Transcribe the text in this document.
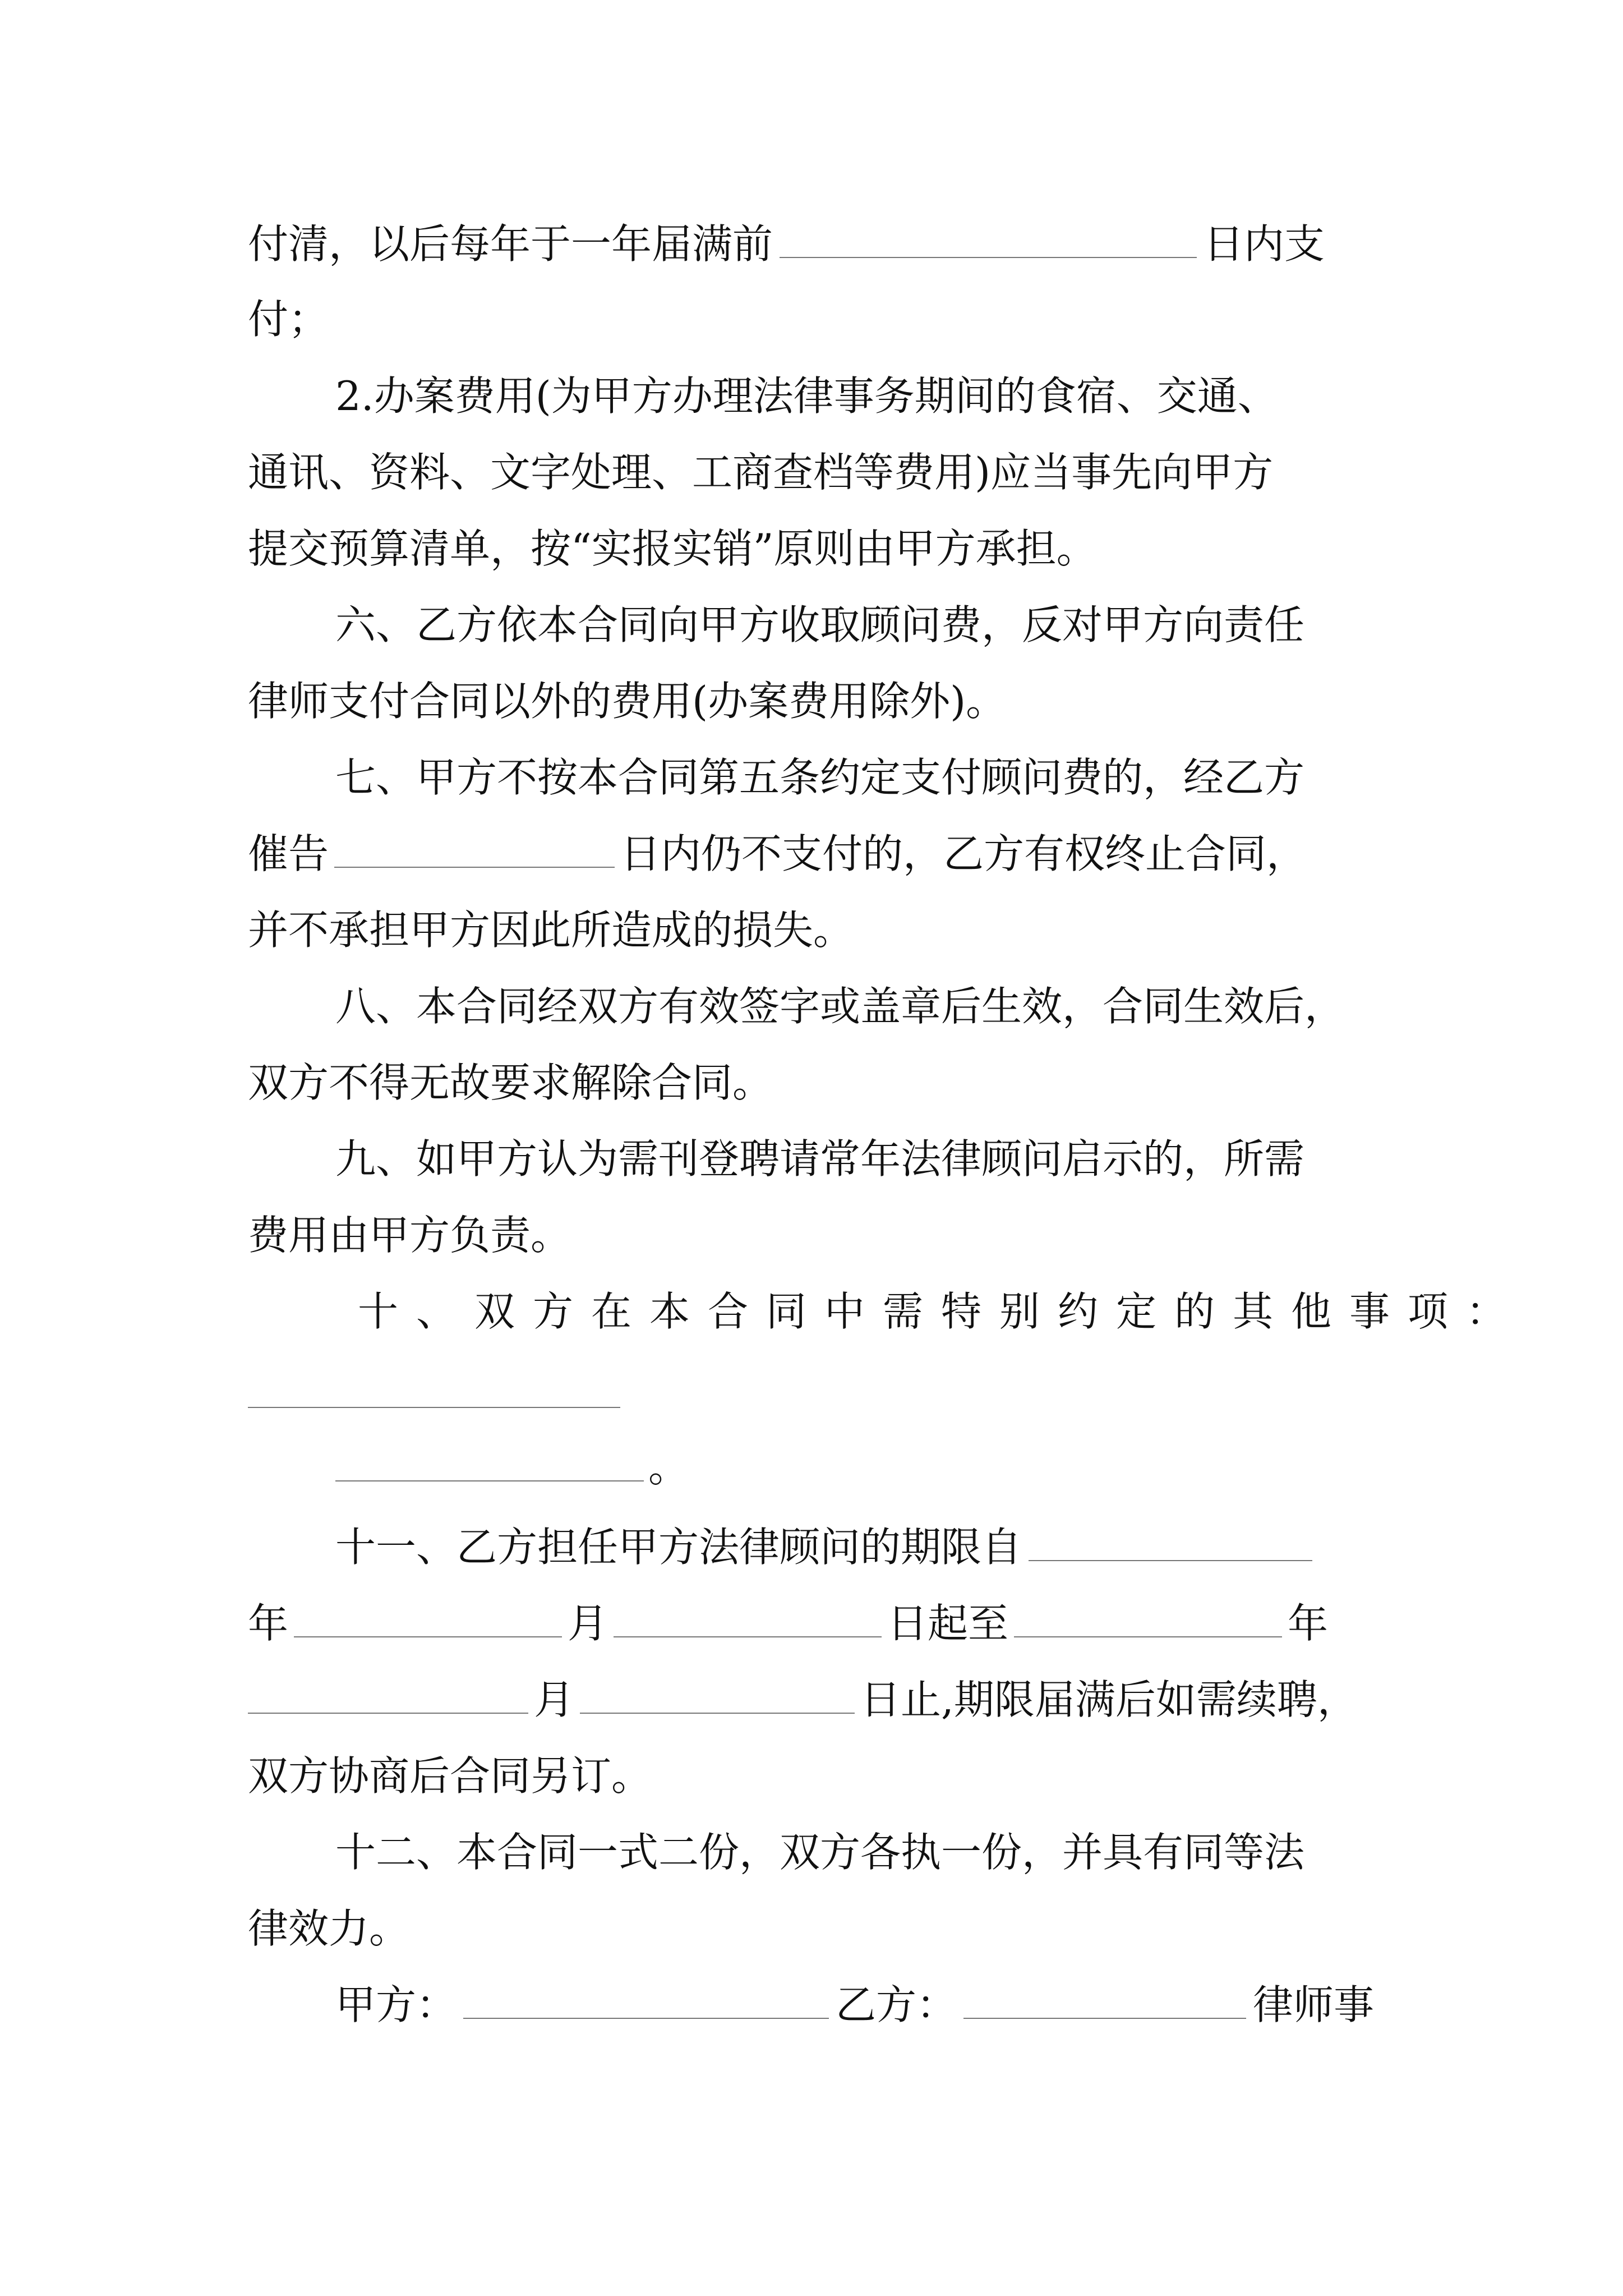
付清，以后每年于一年届满前	日内支
付；
2.办案费用(为甲方办理法律事务期间的食宿、交通、
通讯、资料、文字处理、工商查档等费用)应当事先向甲方
提交预算清单，按“实报实销”原则由甲方承担。
六、乙方依本合同向甲方收取顾问费，反对甲方向责任
律师支付合同以外的费用(办案费用除外)。
七、甲方不按本合同第五条约定支付顾问费的，经乙方
催告	日内仍不支付的，乙方有权终止合同，
并不承担甲方因此所造成的损失。
八、本合同经双方有效签字或盖章后生效，合同生效后，
双方不得无故要求解除合同。
九、如甲方认为需刊登聘请常年法律顾问启示的，所需
费用由甲方负责。
十、双方在本合同中需特别约定的其他事项：
。
十一、乙方担任甲方法律顾问的期限自
年	月	日起至	年
月	日止,期限届满后如需续聘，
双方协商后合同另订。
十二、本合同一式二份，双方各执一份，并具有同等法
律效力。
甲方：	乙方：	律师事
